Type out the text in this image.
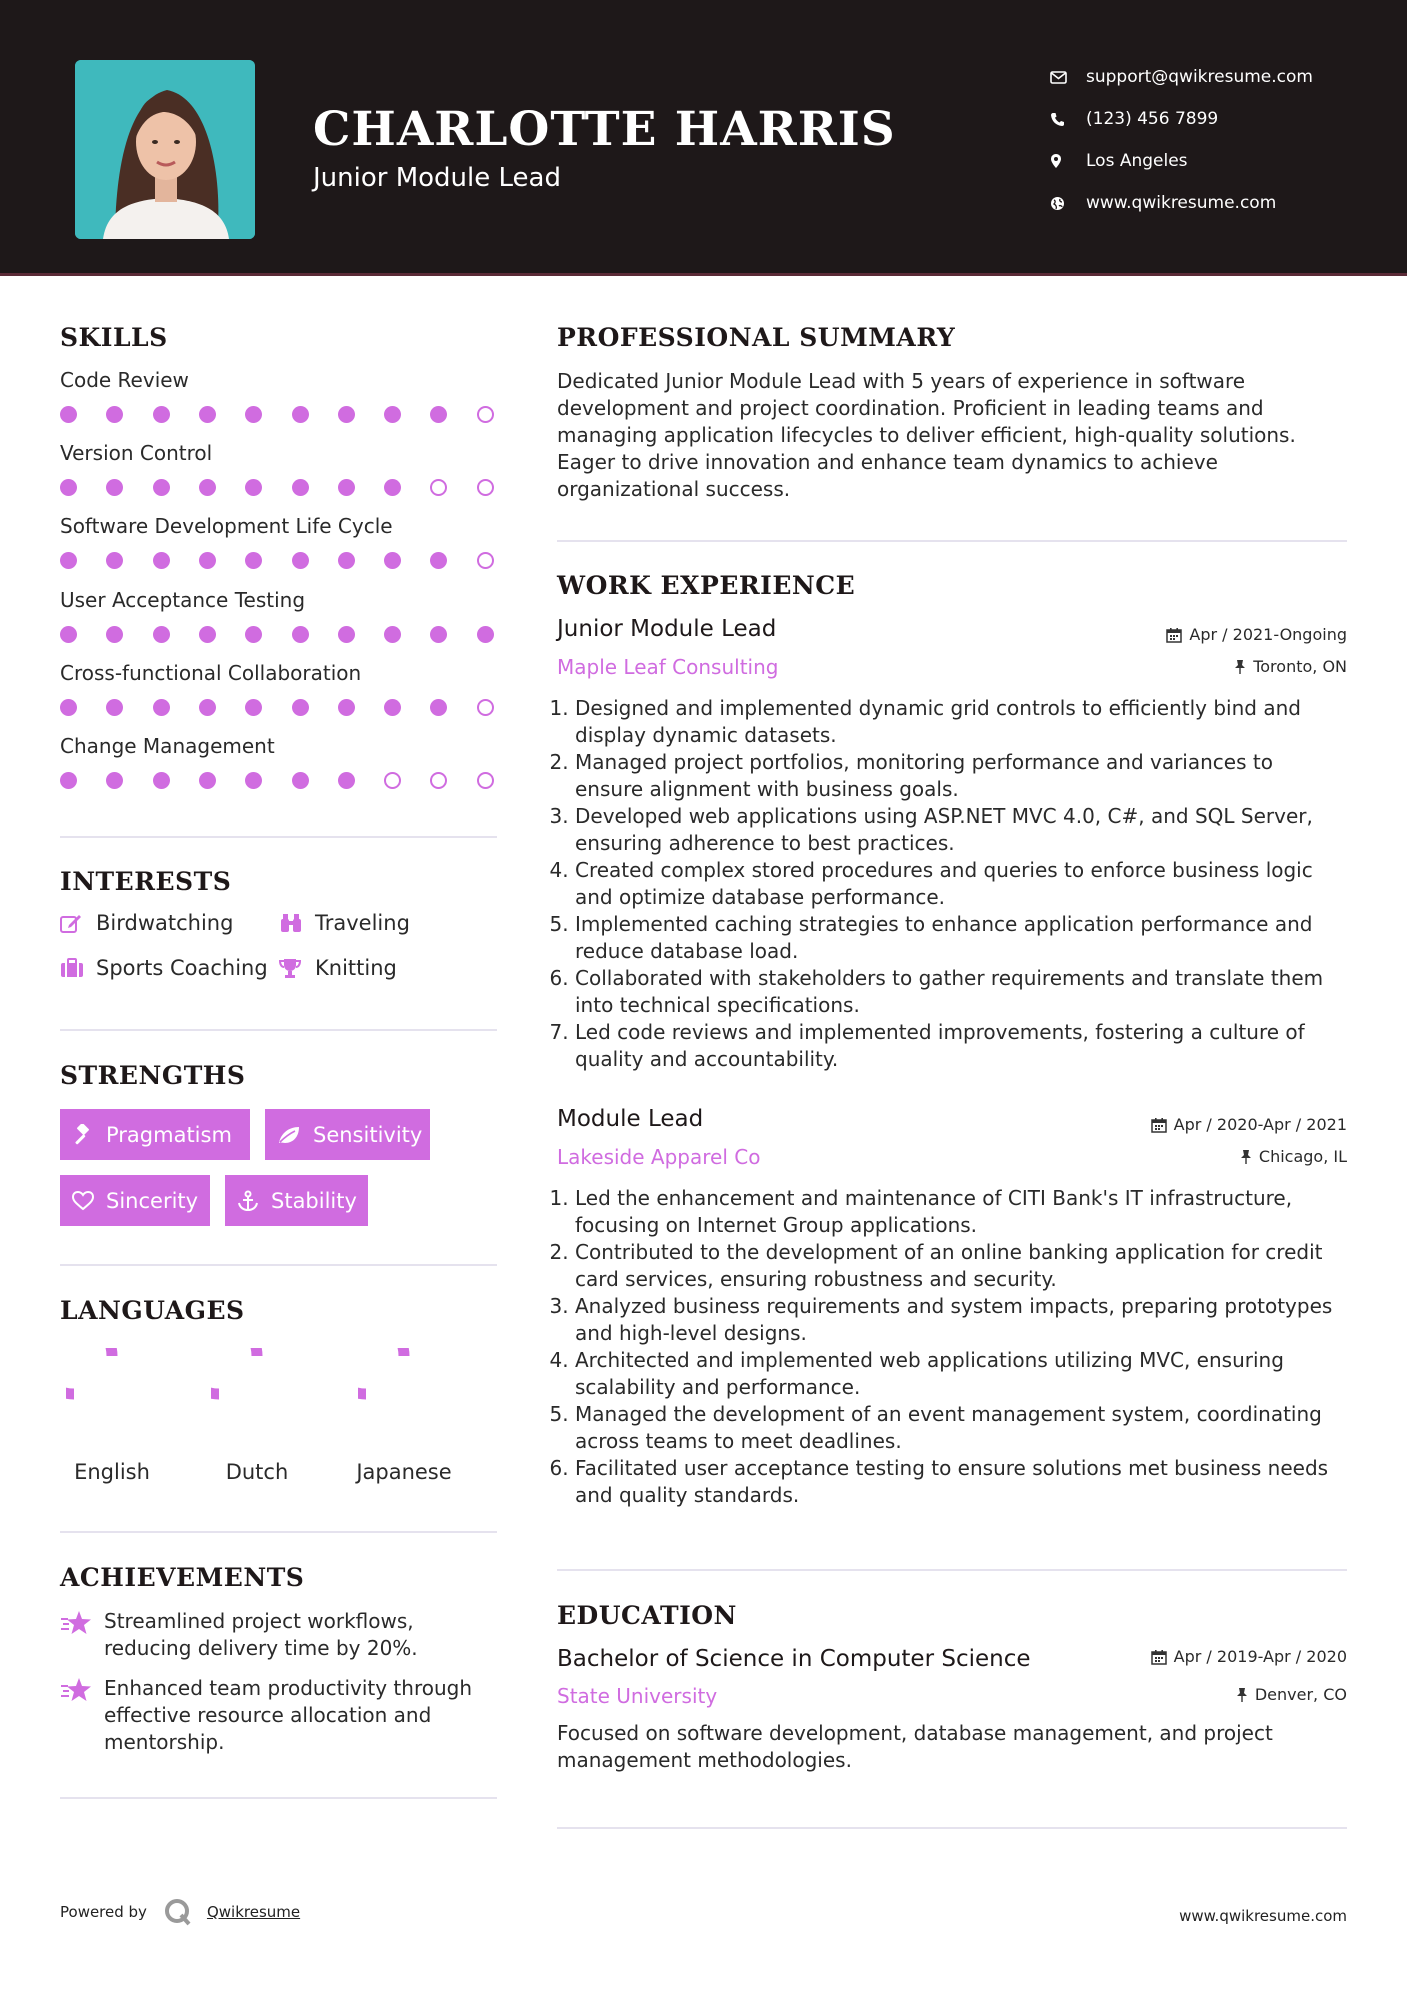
CHARLOTTE HARRIS
Junior Module Lead
support@qwikresume.com
(123) 456 7899
Los Angeles
www.qwikresume.com
SKILLS
Code Review
Version Control
Software Development Life Cycle
User Acceptance Testing
Cross-functional Collaboration
Change Management
INTERESTS
Birdwatching	Traveling
Sports Coaching Knitting
STRENGTHS
Pragmatism	Sensitivity
Sincerity	Stability
LANGUAGES
English	Dutch	Japanese
ACHIEVEMENTS
Streamlined project workflows, reducing delivery time by 20%.
Enhanced team productivity through effective resource allocation and mentorship.
PROFESSIONAL SUMMARY
Dedicated Junior Module Lead with 5 years of experience in software development and project coordination. Proficient in leading teams and managing application lifecycles to deliver efficient, high-quality solutions. Eager to drive innovation and enhance team dynamics to achieve organizational success.
WORK EXPERIENCE
Junior Module Lead	Apr / 2021-Ongoing
Maple Leaf Consulting	Toronto, ON
1. Designed and implemented dynamic grid controls to efficiently bind and display dynamic datasets.
2. Managed project portfolios, monitoring performance and variances to ensure alignment with business goals.
3. Developed web applications using ASP.NET MVC 4.0, C#, and SQL Server, ensuring adherence to best practices.
4. Created complex stored procedures and queries to enforce business logic and optimize database performance.
5. Implemented caching strategies to enhance application performance and reduce database load.
6. Collaborated with stakeholders to gather requirements and translate them into technical specifications.
7. Led code reviews and implemented improvements, fostering a culture of quality and accountability.
Module Lead	Apr / 2020-Apr / 2021
Lakeside Apparel Co	Chicago, IL
1. Led the enhancement and maintenance of CITI Bank's IT infrastructure, focusing on Internet Group applications.
2. Contributed to the development of an online banking application for credit card services, ensuring robustness and security.
3. Analyzed business requirements and system impacts, preparing prototypes and high-level designs.
4. Architected and implemented web applications utilizing MVC, ensuring scalability and performance.
5. Managed the development of an event management system, coordinating across teams to meet deadlines.
6. Facilitated user acceptance testing to ensure solutions met business needs and quality standards.
EDUCATION
Bachelor of Science in Computer Science	Apr / 2019-Apr / 2020
State University	Denver, CO
Focused on software development, database management, and project management methodologies.
Powered by	Qwikresume	www.qwikresume.com
